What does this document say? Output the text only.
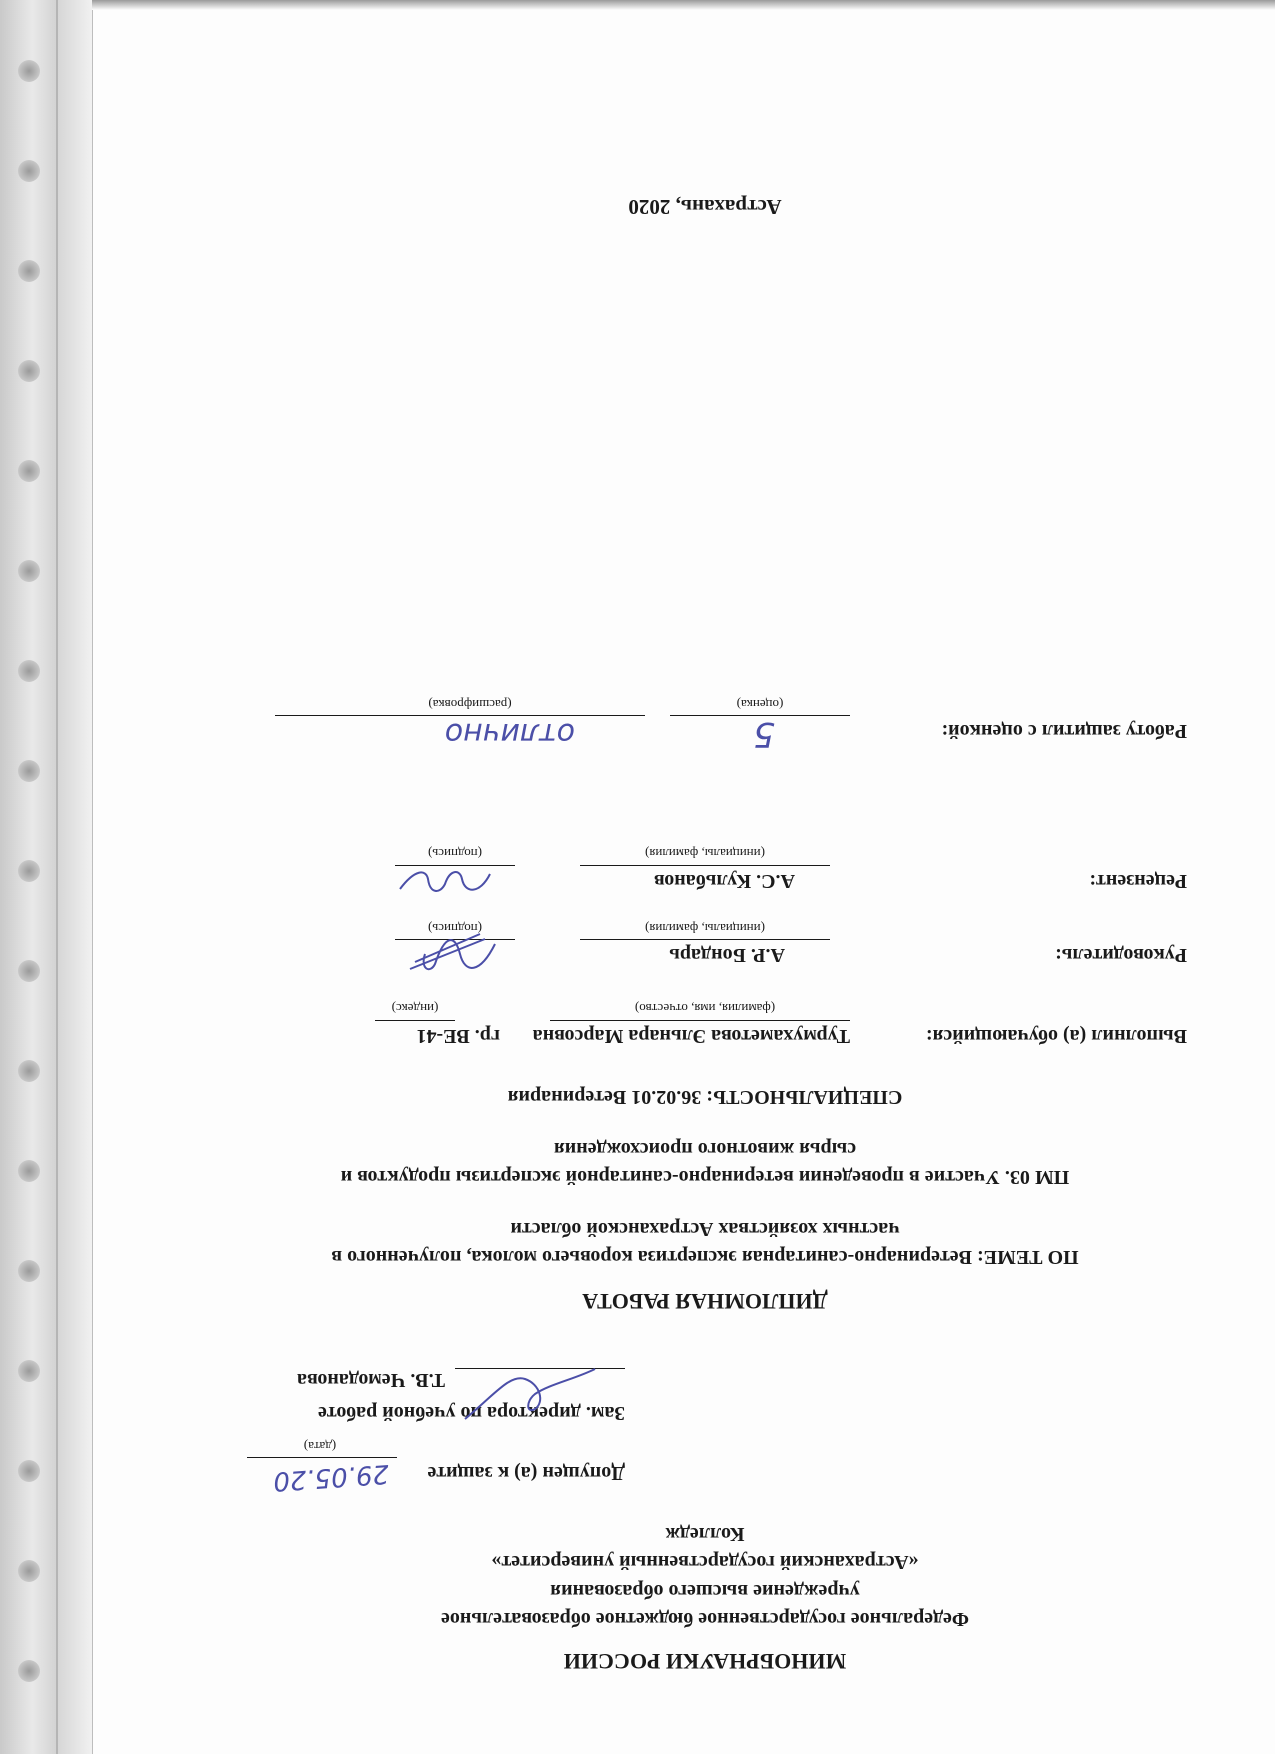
МИНОБРНАУКИ РОССИИ
Федеральное государственное бюджетное образовательное
учреждение высшего образования
«Астраханский государственный университет»
Колледж
Допущен (а) к защите
29.05.20
(дата)
Зам. директора по учебной работе
Т.В. Чемоданова
ДИПЛОМНАЯ РАБОТА
ПО ТЕМЕ: Ветеринарно-санитарная экспертиза коровьего молока, полученного в
частных хозяйствах Астраханской области
ПМ 03. Участие в проведении ветеринарно-санитарной экспертизы продуктов и
сырья животного происхождения
СПЕЦИАЛЬНОСТЬ: 36.02.01 Ветеринария
Выполнил (а) обучающийся:
Турмухаметова Эльнара Марсовна
гр. ВЕ-41
(фамилия, имя, отчество)
(индекс)
Руководитель:
А.Р. Бондарь
(инициалы, фамилия)
(подпись)
Рецензент:
А.С. Кульбанов
(инициалы, фамилия)
(подпись)
Работу защитил с оценкой:
5
отлично
(оценка)
(расшифровка)
Астрахань, 2020
